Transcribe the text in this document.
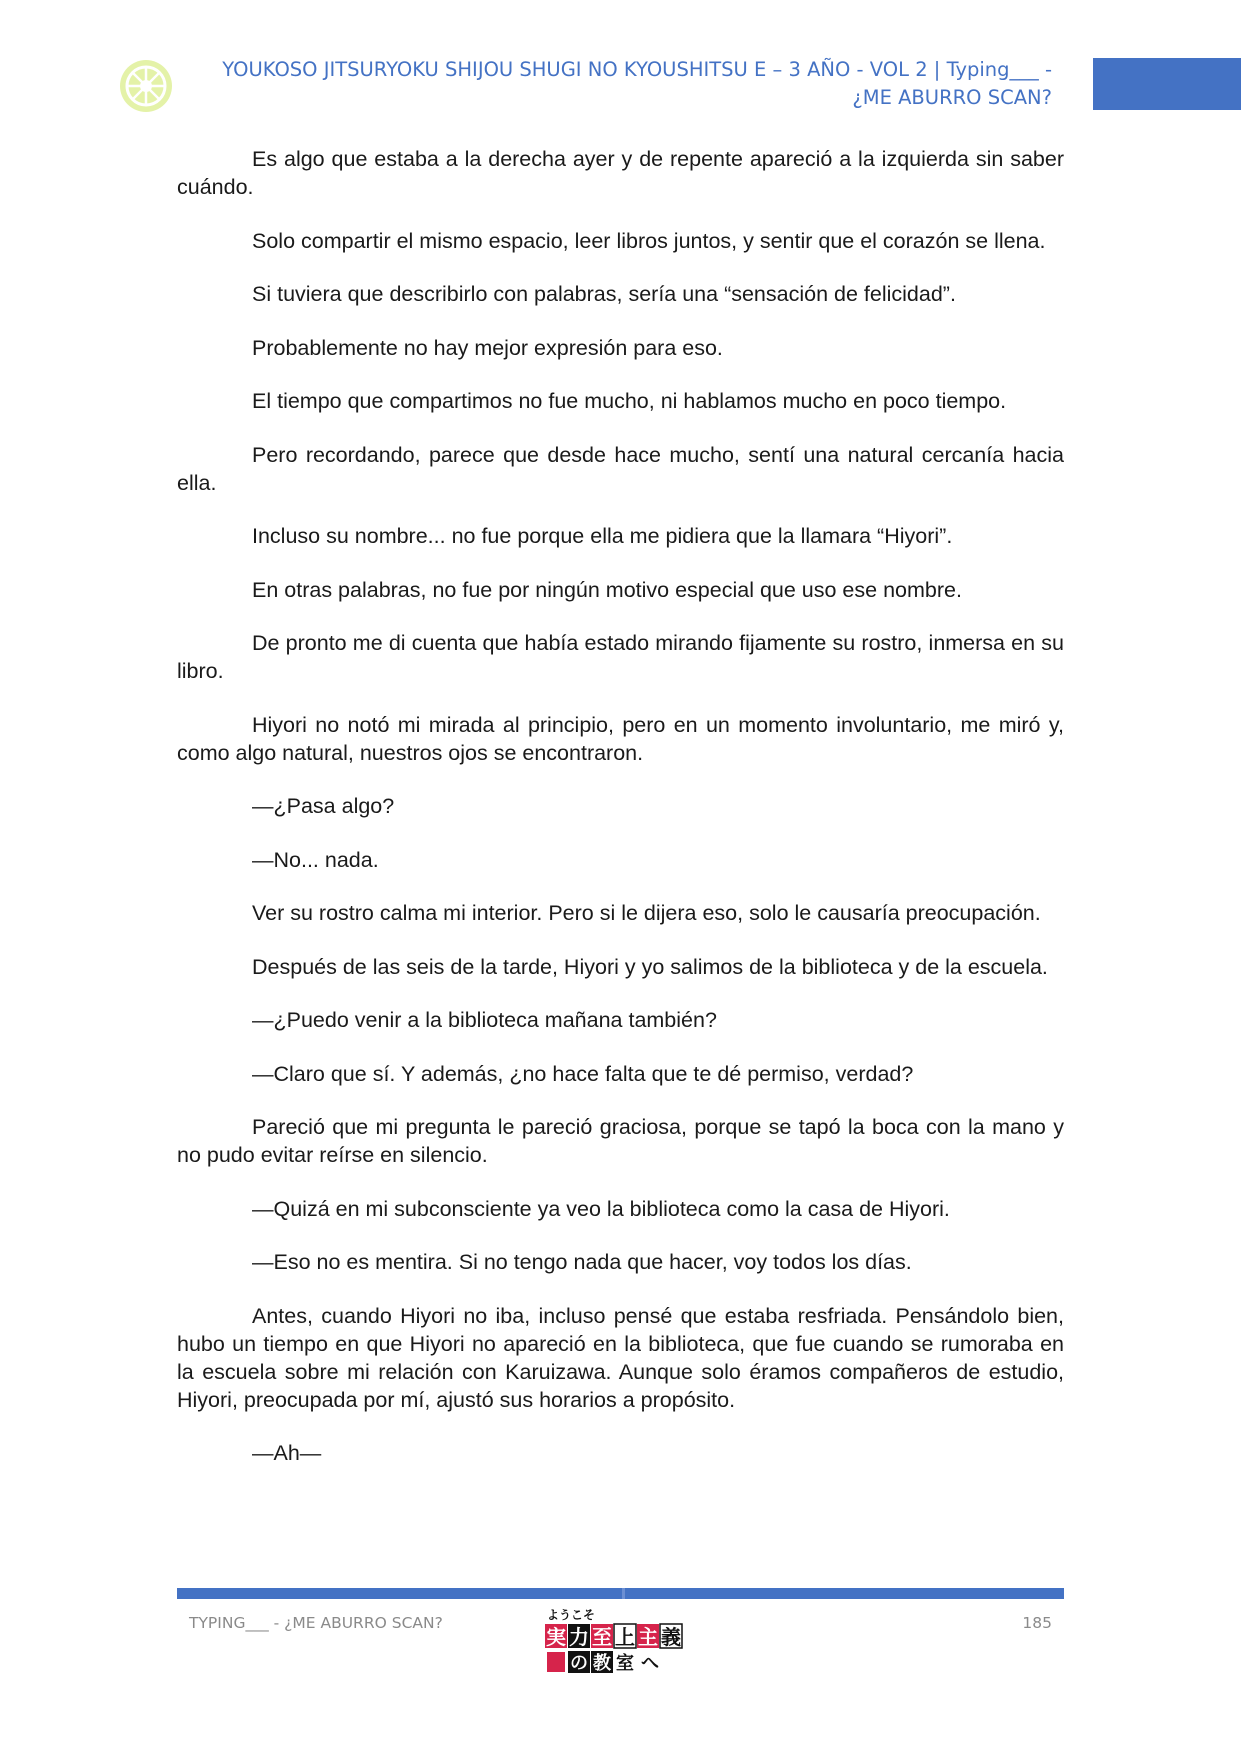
YOUKOSO JITSURYOKU SHIJOU SHUGI NO KYOUSHITSU E – 3 AÑO - VOL 2 | Typing___ - ¿ME ABURRO SCAN?

Es algo que estaba a la derecha ayer y de repente apareció a la izquierda sin saber cuándo.

Solo compartir el mismo espacio, leer libros juntos, y sentir que el corazón se llena.

Si tuviera que describirlo con palabras, sería una “sensación de felicidad”.

Probablemente no hay mejor expresión para eso.

El tiempo que compartimos no fue mucho, ni hablamos mucho en poco tiempo.

Pero recordando, parece que desde hace mucho, sentí una natural cercanía hacia ella.

Incluso su nombre... no fue porque ella me pidiera que la llamara “Hiyori”.

En otras palabras, no fue por ningún motivo especial que uso ese nombre.

De pronto me di cuenta que había estado mirando fijamente su rostro, inmersa en su libro.

Hiyori no notó mi mirada al principio, pero en un momento involuntario, me miró y, como algo natural, nuestros ojos se encontraron.

—¿Pasa algo?

—No... nada.

Ver su rostro calma mi interior. Pero si le dijera eso, solo le causaría preocupación.

Después de las seis de la tarde, Hiyori y yo salimos de la biblioteca y de la escuela.

—¿Puedo venir a la biblioteca mañana también?

—Claro que sí. Y además, ¿no hace falta que te dé permiso, verdad?

Pareció que mi pregunta le pareció graciosa, porque se tapó la boca con la mano y no pudo evitar reírse en silencio.

—Quizá en mi subconsciente ya veo la biblioteca como la casa de Hiyori.

—Eso no es mentira. Si no tengo nada que hacer, voy todos los días.

Antes, cuando Hiyori no iba, incluso pensé que estaba resfriada. Pensándolo bien, hubo un tiempo en que Hiyori no apareció en la biblioteca, que fue cuando se rumoraba en la escuela sobre mi relación con Karuizawa. Aunque solo éramos compañeros de estudio, Hiyori, preocupada por mí, ajustó sus horarios a propósito.

—Ah—

TYPING___ - ¿ME ABURRO SCAN?	ようこそ
実 力 至 上 主 義
の 教 室 へ
185
